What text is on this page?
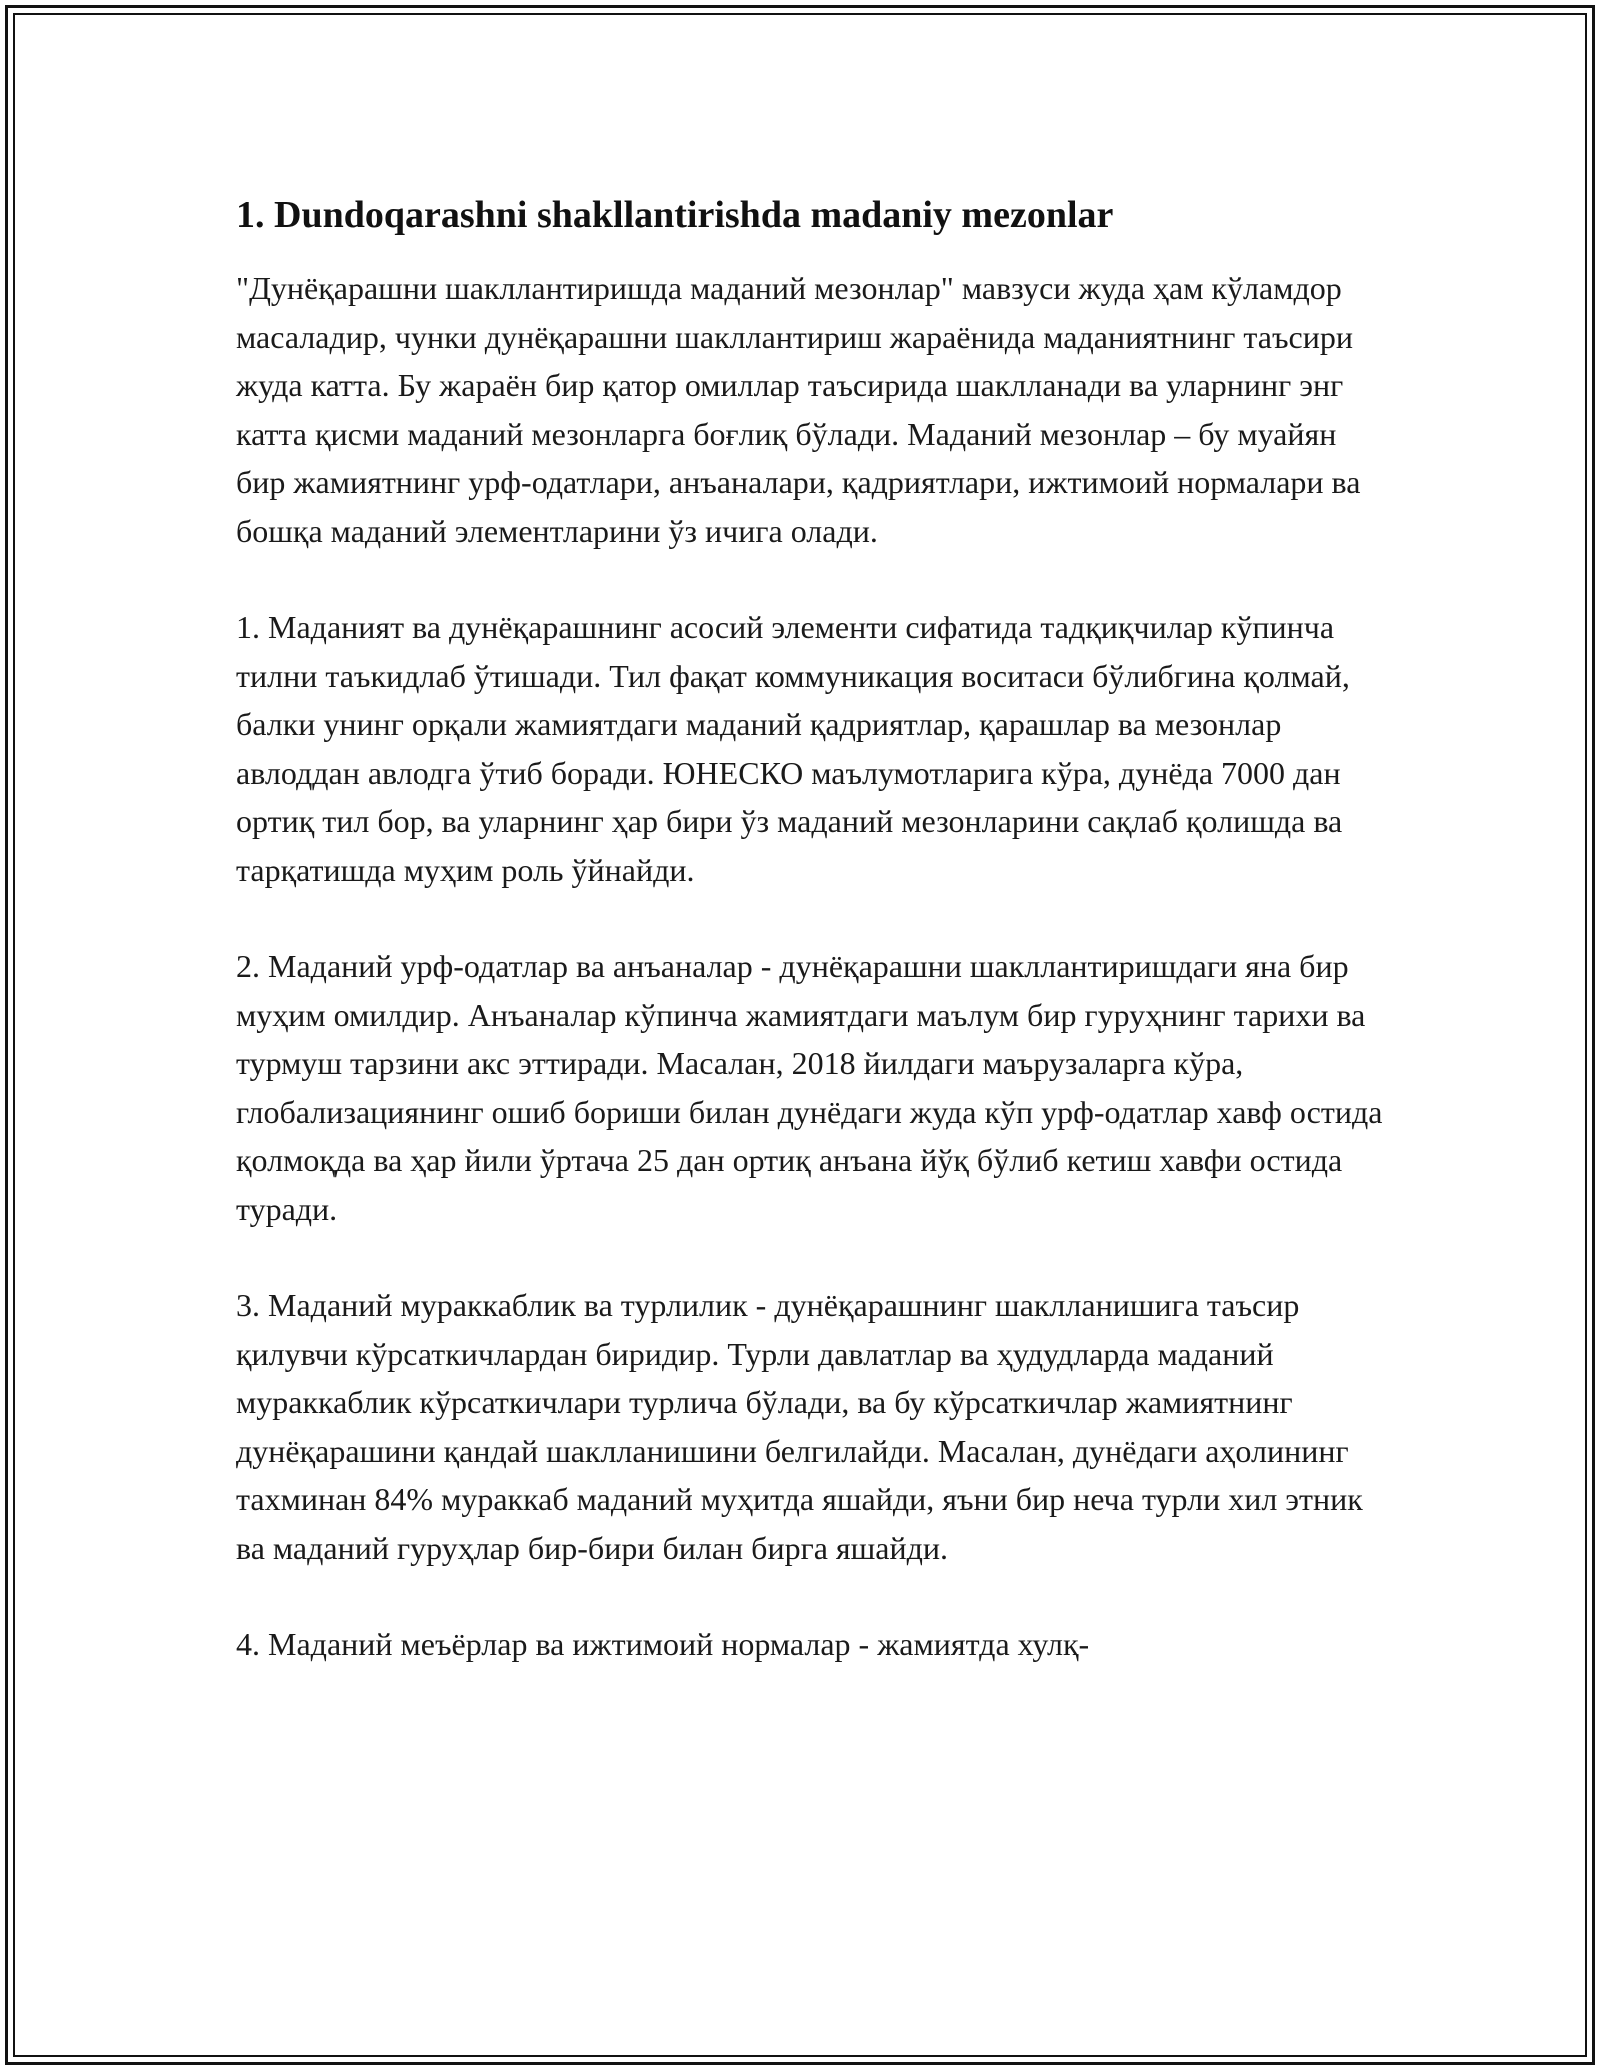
1. Dundoqarashni shakllantirishda madaniy mezonlar

"Дунёқарашни шакллантиришда маданий мезонлар" мавзуси жуда ҳам кўламдор масаладир, чунки дунёқарашни шакллантириш жараёнида маданиятнинг таъсири жуда катта. Бу жараён бир қатор омиллар таъсирида шаклланади ва уларнинг энг катта қисми маданий мезонларга боғлиқ бўлади. Маданий мезонлар – бу муайян бир жамиятнинг урф-одатлари, анъаналари, қадриятлари, ижтимоий нормалари ва бошқа маданий элементларини ўз ичига олади.

1. Маданият ва дунёқарашнинг асосий элементи сифатида тадқиқчилар кўпинча тилни таъкидлаб ўтишади. Тил фақат коммуникация воситаси бўлибгина қолмай, балки унинг орқали жамиятдаги маданий қадриятлар, қарашлар ва мезонлар авлоддан авлодга ўтиб боради. ЮНЕСКО маълумотларига кўра, дунёда 7000 дан ортиқ тил бор, ва уларнинг ҳар бири ўз маданий мезонларини сақлаб қолишда ва тарқатишда муҳим роль ўйнайди.

2. Маданий урф-одатлар ва анъаналар - дунёқарашни шакллантиришдаги яна бир муҳим омилдир. Анъаналар кўпинча жамиятдаги маълум бир гуруҳнинг тарихи ва турмуш тарзини акс эттиради. Масалан, 2018 йилдаги маърузаларга кўра, глобализациянинг ошиб бориши билан дунёдаги жуда кўп урф-одатлар хавф остида қолмоқда ва ҳар йили ўртача 25 дан ортиқ анъана йўқ бўлиб кетиш хавфи остида туради.

3. Маданий мураккаблик ва турлилик - дунёқарашнинг шаклланишига таъсир қилувчи кўрсаткичлардан биридир. Турли давлатлар ва ҳудудларда маданий мураккаблик кўрсаткичлари турлича бўлади, ва бу кўрсаткичлар жамиятнинг дунёқарашини қандай шаклланишини белгилайди. Масалан, дунёдаги аҳолининг тахминан 84% мураккаб маданий муҳитда яшайди, яъни бир неча турли хил этник ва маданий гуруҳлар бир-бири билан бирга яшайди.

4. Маданий меъёрлар ва ижтимоий нормалар - жамиятда хулқ-
